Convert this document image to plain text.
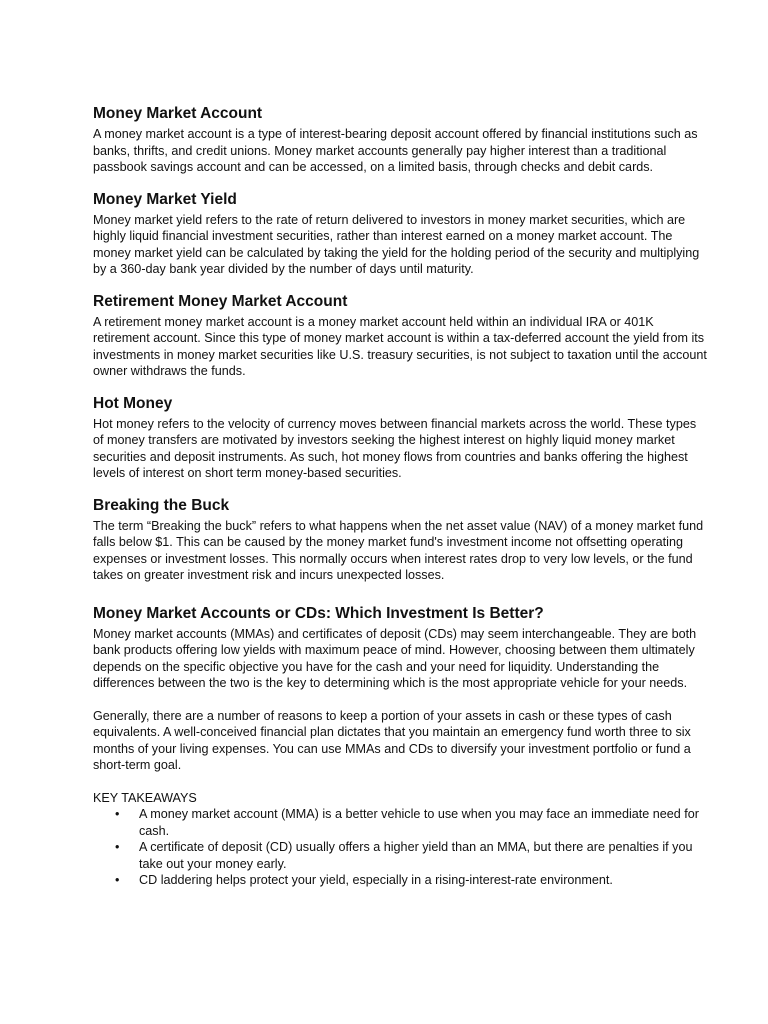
Money Market Account

A money market account is a type of interest-bearing deposit account offered by financial institutions such as banks, thrifts, and credit unions. Money market accounts generally pay higher interest than a traditional passbook savings account and can be accessed, on a limited basis, through checks and debit cards.

Money Market Yield

Money market yield refers to the rate of return delivered to investors in money market securities, which are highly liquid financial investment securities, rather than interest earned on a money market account. The money market yield can be calculated by taking the yield for the holding period of the security and multiplying by a 360-day bank year divided by the number of days until maturity.

Retirement Money Market Account

A retirement money market account is a money market account held within an individual IRA or 401K retirement account. Since this type of money market account is within a tax-deferred account the yield from its investments in money market securities like U.S. treasury securities, is not subject to taxation until the account owner withdraws the funds.

Hot Money

Hot money refers to the velocity of currency moves between financial markets across the world. These types of money transfers are motivated by investors seeking the highest interest on highly liquid money market securities and deposit instruments. As such, hot money flows from countries and banks offering the highest levels of interest on short term money-based securities.

Breaking the Buck

The term “Breaking the buck” refers to what happens when the net asset value (NAV) of a money market fund falls below $1. This can be caused by the money market fund's investment income not offsetting operating expenses or investment losses. This normally occurs when interest rates drop to very low levels, or the fund takes on greater investment risk and incurs unexpected losses.

Money Market Accounts or CDs: Which Investment Is Better?

Money market accounts (MMAs) and certificates of deposit (CDs) may seem interchangeable. They are both bank products offering low yields with maximum peace of mind. However, choosing between them ultimately depends on the specific objective you have for the cash and your need for liquidity. Understanding the differences between the two is the key to determining which is the most appropriate vehicle for your needs.

Generally, there are a number of reasons to keep a portion of your assets in cash or these types of cash equivalents. A well-conceived financial plan dictates that you maintain an emergency fund worth three to six months of your living expenses. You can use MMAs and CDs to diversify your investment portfolio or fund a short-term goal.

KEY TAKEAWAYS
• A money market account (MMA) is a better vehicle to use when you may face an immediate need for cash.
• A certificate of deposit (CD) usually offers a higher yield than an MMA, but there are penalties if you take out your money early.
• CD laddering helps protect your yield, especially in a rising-interest-rate environment.
